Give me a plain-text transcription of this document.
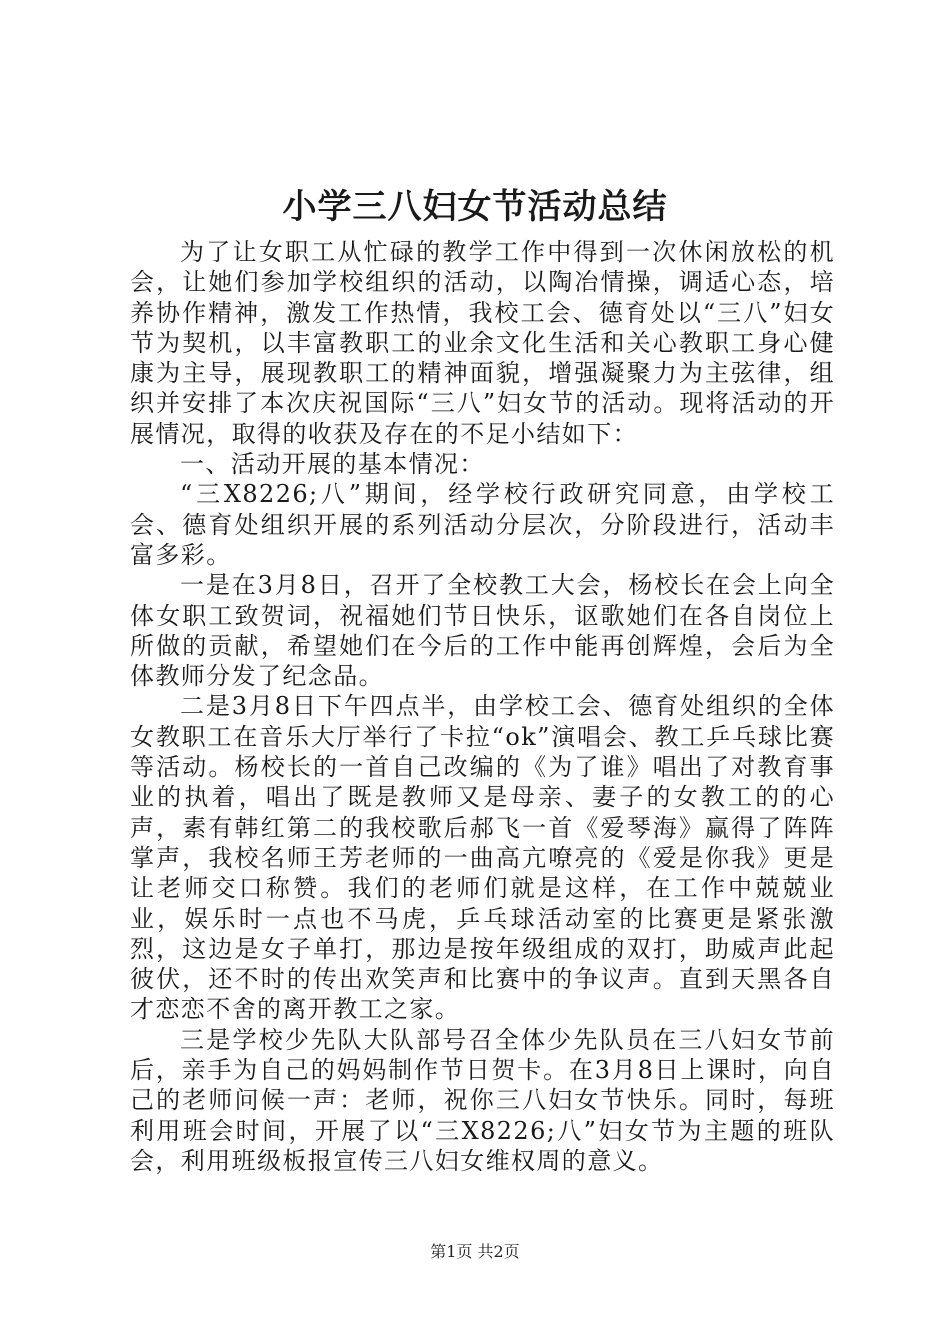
小学三八妇女节活动总结

为了让女职工从忙碌的教学工作中得到一次休闲放松的机会，让她们参加学校组织的活动，以陶冶情操，调适心态，培养协作精神，激发工作热情，我校工会、德育处以“三八”妇女节为契机，以丰富教职工的业余文化生活和关心教职工身心健康为主导，展现教职工的精神面貌，增强凝聚力为主弦律，组织并安排了本次庆祝国际“三八”妇女节的活动。现将活动的开展情况，取得的收获及存在的不足小结如下：

一、活动开展的基本情况：

“三X8226;八”期间，经学校行政研究同意，由学校工会、德育处组织开展的系列活动分层次，分阶段进行，活动丰富多彩。

一是在3月8日，召开了全校教工大会，杨校长在会上向全体女职工致贺词，祝福她们节日快乐，讴歌她们在各自岗位上所做的贡献，希望她们在今后的工作中能再创辉煌，会后为全体教师分发了纪念品。

二是3月8日下午四点半，由学校工会、德育处组织的全体女教职工在音乐大厅举行了卡拉“ok”演唱会、教工乒乓球比赛等活动。杨校长的一首自己改编的《为了谁》唱出了对教育事业的执着，唱出了既是教师又是母亲、妻子的女教工的的心声，素有韩红第二的我校歌后郝飞一首《爱琴海》赢得了阵阵掌声，我校名师王芳老师的一曲高亢嘹亮的《爱是你我》更是让老师交口称赞。我们的老师们就是这样，在工作中兢兢业业，娱乐时一点也不马虎，乒乓球活动室的比赛更是紧张激烈，这边是女子单打，那边是按年级组成的双打，助威声此起彼伏，还不时的传出欢笑声和比赛中的争议声。直到天黑各自才恋恋不舍的离开教工之家。

三是学校少先队大队部号召全体少先队员在三八妇女节前后，亲手为自己的妈妈制作节日贺卡。在3月8日上课时，向自己的老师问候一声：老师，祝你三八妇女节快乐。同时，每班利用班会时间，开展了以“三X8226;八”妇女节为主题的班队会，利用班级板报宣传三八妇女维权周的意义。

第1页 共2页
